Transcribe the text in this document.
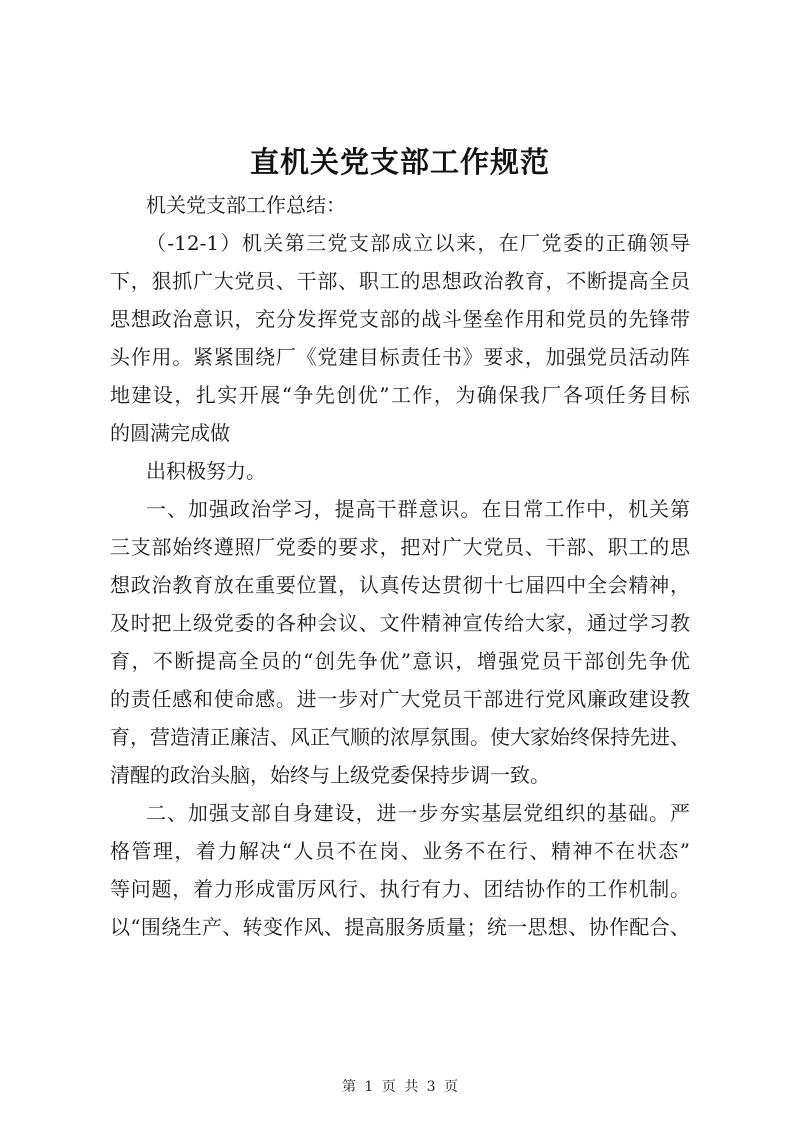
直机关党支部工作规范
机关党支部工作总结：
（-12-1）机关第三党支部成立以来，在厂党委的正确领导
下，狠抓广大党员、干部、职工的思想政治教育，不断提高全员
思想政治意识，充分发挥党支部的战斗堡垒作用和党员的先锋带
头作用。紧紧围绕厂《党建目标责任书》要求，加强党员活动阵
地建设，扎实开展“争先创优”工作，为确保我厂各项任务目标
的圆满完成做
出积极努力。
一、加强政治学习，提高干群意识。在日常工作中，机关第
三支部始终遵照厂党委的要求，把对广大党员、干部、职工的思
想政治教育放在重要位置，认真传达贯彻十七届四中全会精神，
及时把上级党委的各种会议、文件精神宣传给大家，通过学习教
育，不断提高全员的“创先争优”意识，增强党员干部创先争优
的责任感和使命感。进一步对广大党员干部进行党风廉政建设教
育，营造清正廉洁、风正气顺的浓厚氛围。使大家始终保持先进、
清醒的政治头脑，始终与上级党委保持步调一致。
二、加强支部自身建设，进一步夯实基层党组织的基础。严
格管理，着力解决“人员不在岗、业务不在行、精神不在状态”
等问题，着力形成雷厉风行、执行有力、团结协作的工作机制。
以“围绕生产、转变作风、提高服务质量；统一思想、协作配合、
第 1 页 共 3 页
